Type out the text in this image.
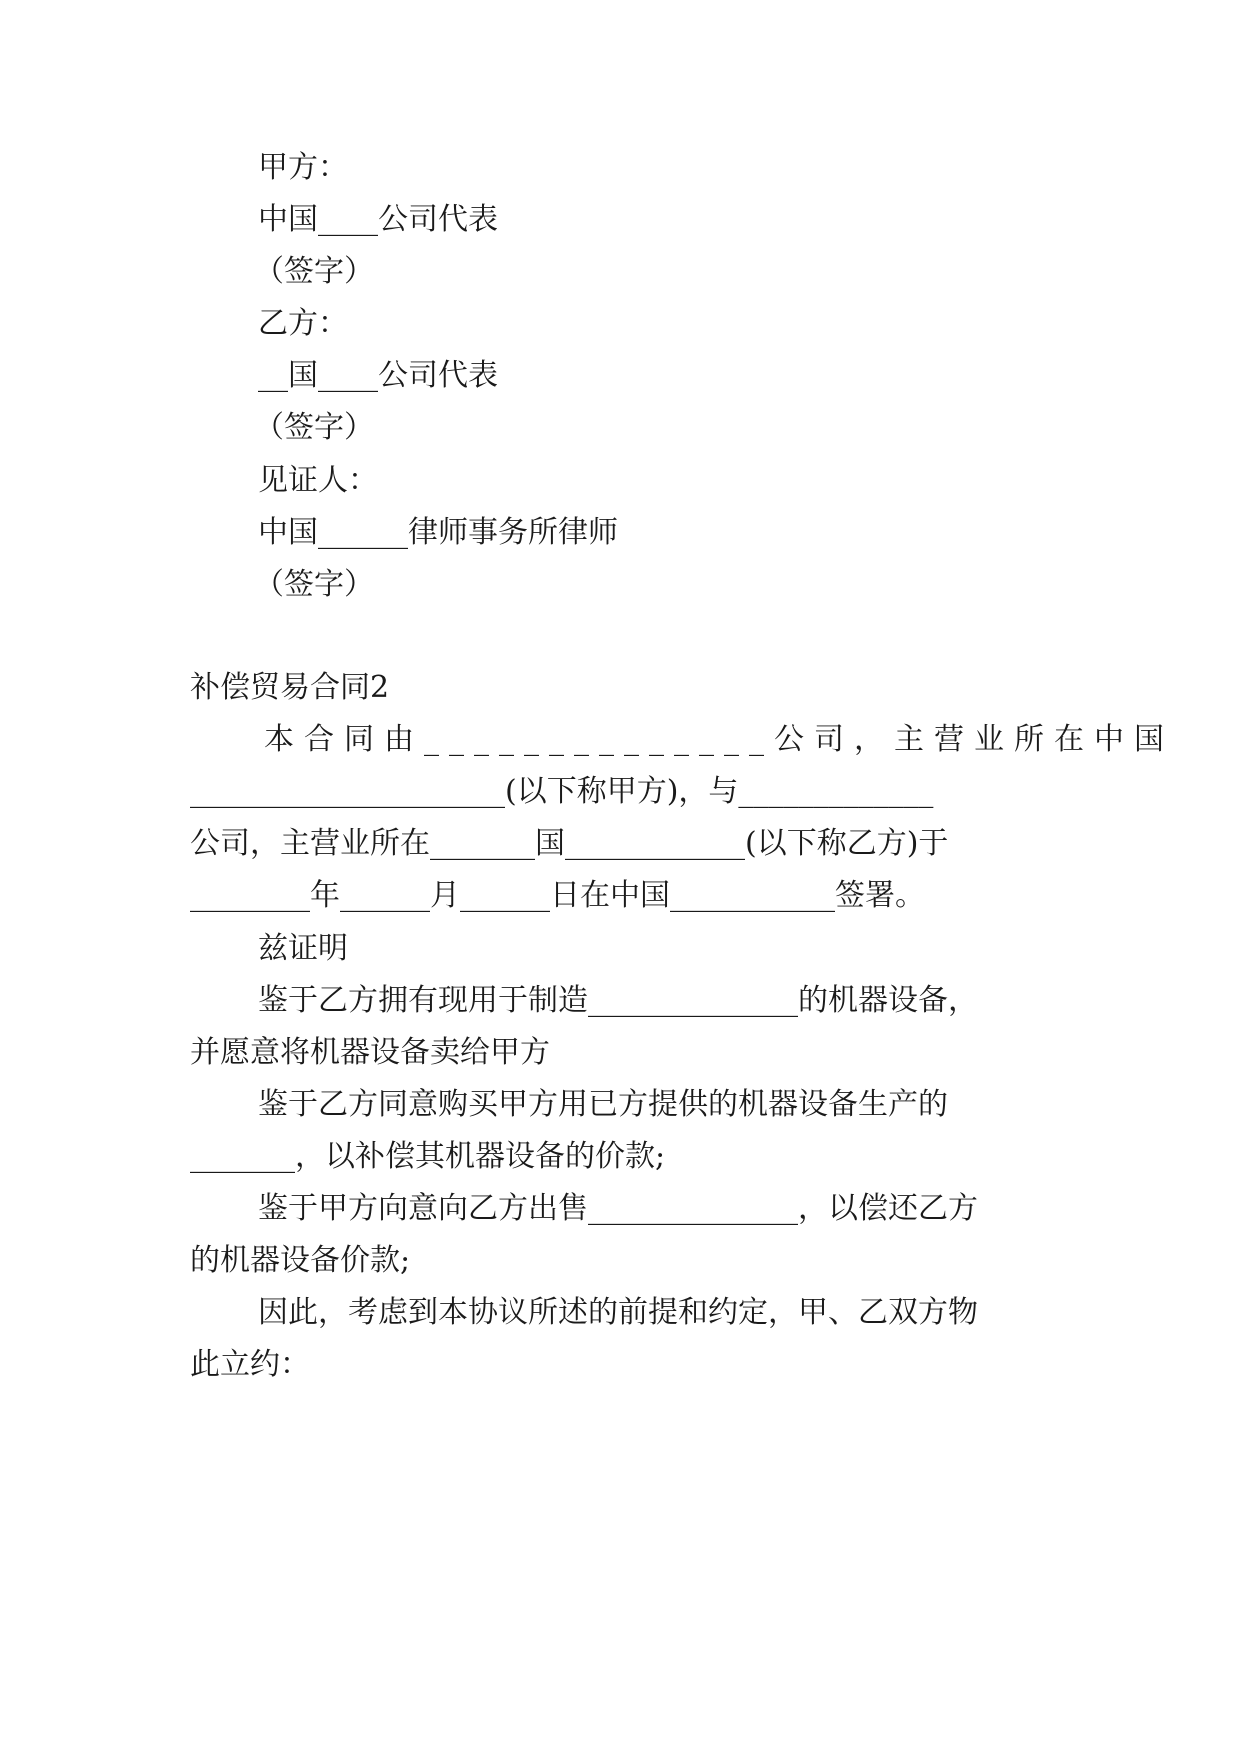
甲方：

中国____公司代表

（签字）

乙方：

__国____公司代表

（签字）

见证人：

中国______律师事务所律师

（签字）

补偿贸易合同2

本合同由______________公司，主营业所在中国

_____________________(以下称甲方)，与_____________

公司，主营业所在_______国____________(以下称乙方)于

________年______月______日在中国___________签署。

兹证明

鉴于乙方拥有现用于制造______________的机器设备，

并愿意将机器设备卖给甲方

鉴于乙方同意购买甲方用已方提供的机器设备生产的

_______，以补偿其机器设备的价款;

鉴于甲方向意向乙方出售______________，以偿还乙方

的机器设备价款;

因此，考虑到本协议所述的前提和约定，甲、乙双方物

此立约：
